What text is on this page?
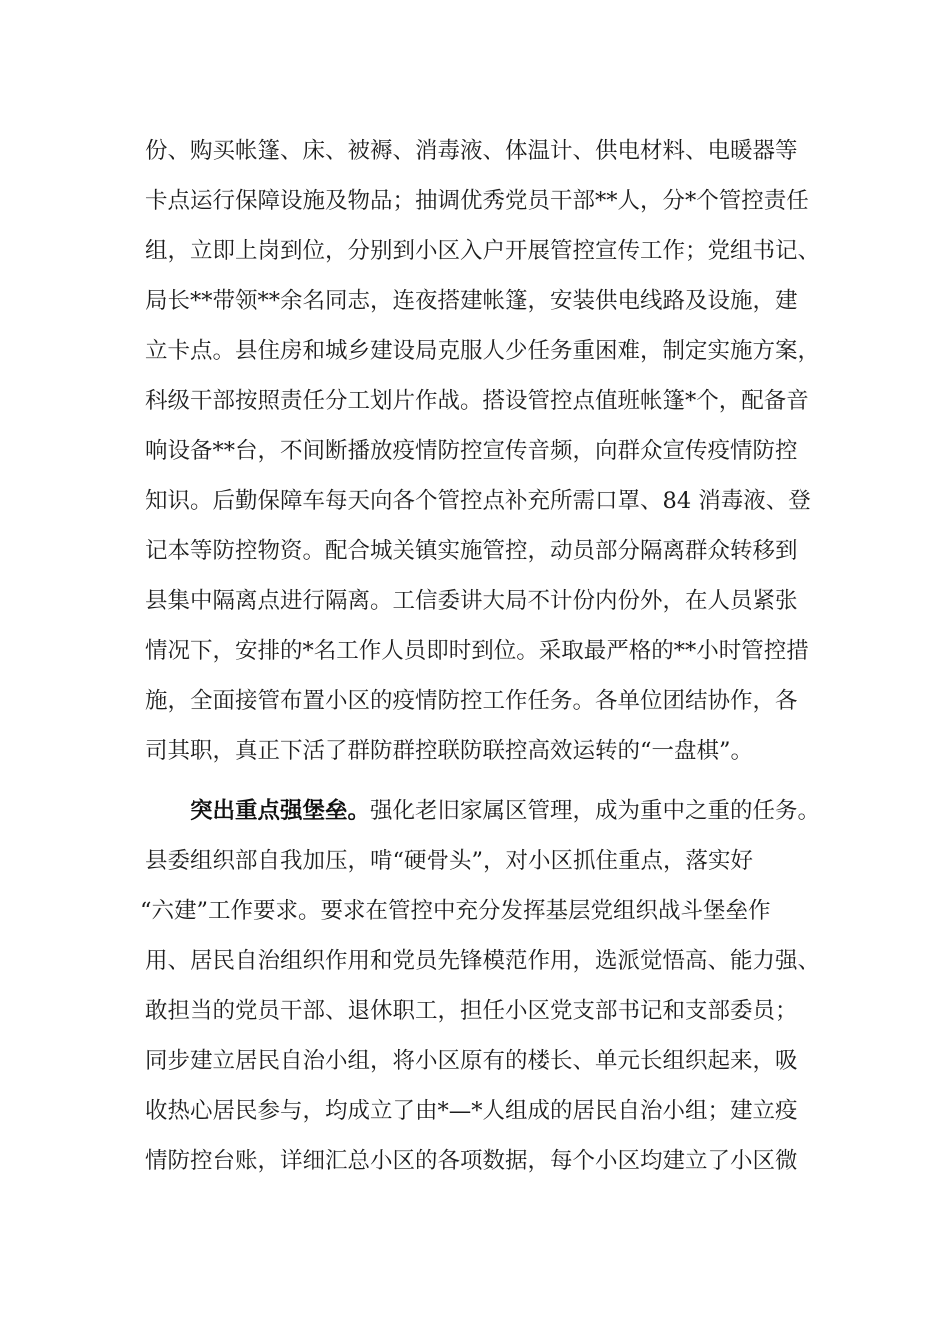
份、购买帐篷、床、被褥、消毒液、体温计、供电材料、电暖器等
卡点运行保障设施及物品；抽调优秀党员干部**人，分*个管控责任
组，立即上岗到位，分别到小区入户开展管控宣传工作；党组书记、
局长**带领**余名同志，连夜搭建帐篷，安装供电线路及设施，建
立卡点。县住房和城乡建设局克服人少任务重困难，制定实施方案，
科级干部按照责任分工划片作战。搭设管控点值班帐篷*个，配备音
响设备**台，不间断播放疫情防控宣传音频，向群众宣传疫情防控
知识。后勤保障车每天向各个管控点补充所需口罩、84 消毒液、登
记本等防控物资。配合城关镇实施管控，动员部分隔离群众转移到
县集中隔离点进行隔离。工信委讲大局不计份内份外，在人员紧张
情况下，安排的*名工作人员即时到位。采取最严格的**小时管控措
施，全面接管布置小区的疫情防控工作任务。各单位团结协作，各
司其职，真正下活了群防群控联防联控高效运转的“一盘棋”。
突出重点强堡垒。强化老旧家属区管理，成为重中之重的任务。
县委组织部自我加压，啃“硬骨头”，对小区抓住重点，落实好
“六建”工作要求。要求在管控中充分发挥基层党组织战斗堡垒作
用、居民自治组织作用和党员先锋模范作用，选派觉悟高、能力强、
敢担当的党员干部、退休职工，担任小区党支部书记和支部委员；
同步建立居民自治小组，将小区原有的楼长、单元长组织起来，吸
收热心居民参与，均成立了由*—*人组成的居民自治小组；建立疫
情防控台账，详细汇总小区的各项数据，每个小区均建立了小区微
